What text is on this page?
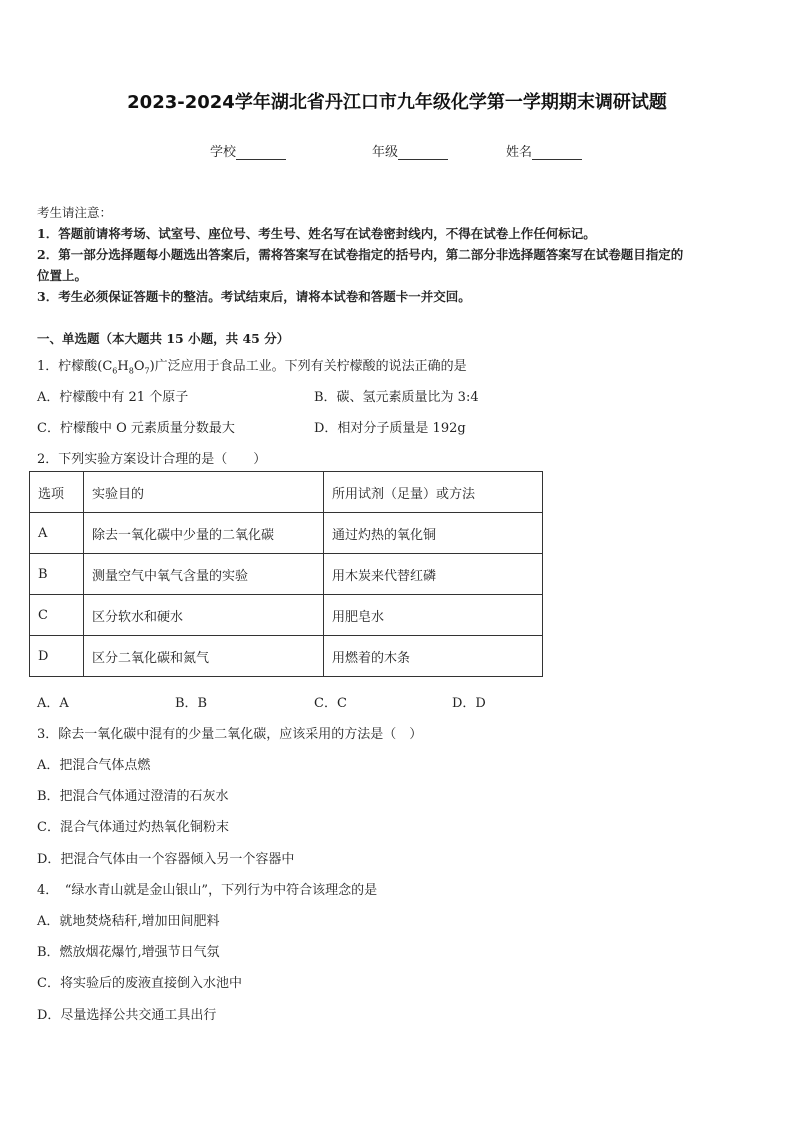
2023-2024学年湖北省丹江口市九年级化学第一学期期末调研试题
学校	年级	姓名
考生请注意：
1．答题前请将考场、试室号、座位号、考生号、姓名写在试卷密封线内，不得在试卷上作任何标记。
2．第一部分选择题每小题选出答案后，需将答案写在试卷指定的括号内，第二部分非选择题答案写在试卷题目指定的
位置上。
3．考生必须保证答题卡的整洁。考试结束后，请将本试卷和答题卡一并交回。
一、单选题（本大题共 15 小题，共 45 分）
1．柠檬酸$(C_6H_8O_7)$广泛应用于食品工业。下列有关柠檬酸的说法正确的是
A．柠檬酸中有 21 个原子	B．碳、氢元素质量比为 3:4
C．柠檬酸中 O 元素质量分数最大	D．相对分子质量是 192g
2．下列实验方案设计合理的是（　　）
选项	实验目的	所用试剂（足量）或方法
A	除去一氧化碳中少量的二氧化碳	通过灼热的氧化铜
B	测量空气中氧气含量的实验	用木炭来代替红磷
C	区分软水和硬水	用肥皂水
D	区分二氧化碳和氮气	用燃着的木条
A．A	B．B	C．C	D．D
3．除去一氧化碳中混有的少量二氧化碳，应该采用的方法是（　）
A．把混合气体点燃
B．把混合气体通过澄清的石灰水
C．混合气体通过灼热氧化铜粉末
D．把混合气体由一个容器倾入另一个容器中
4．　“绿水青山就是金山银山”，下列行为中符合该理念的是
A．就地焚烧秸秆,增加田间肥料
B．燃放烟花爆竹,增强节日气氛
C．将实验后的废液直接倒入水池中
D．尽量选择公共交通工具出行
